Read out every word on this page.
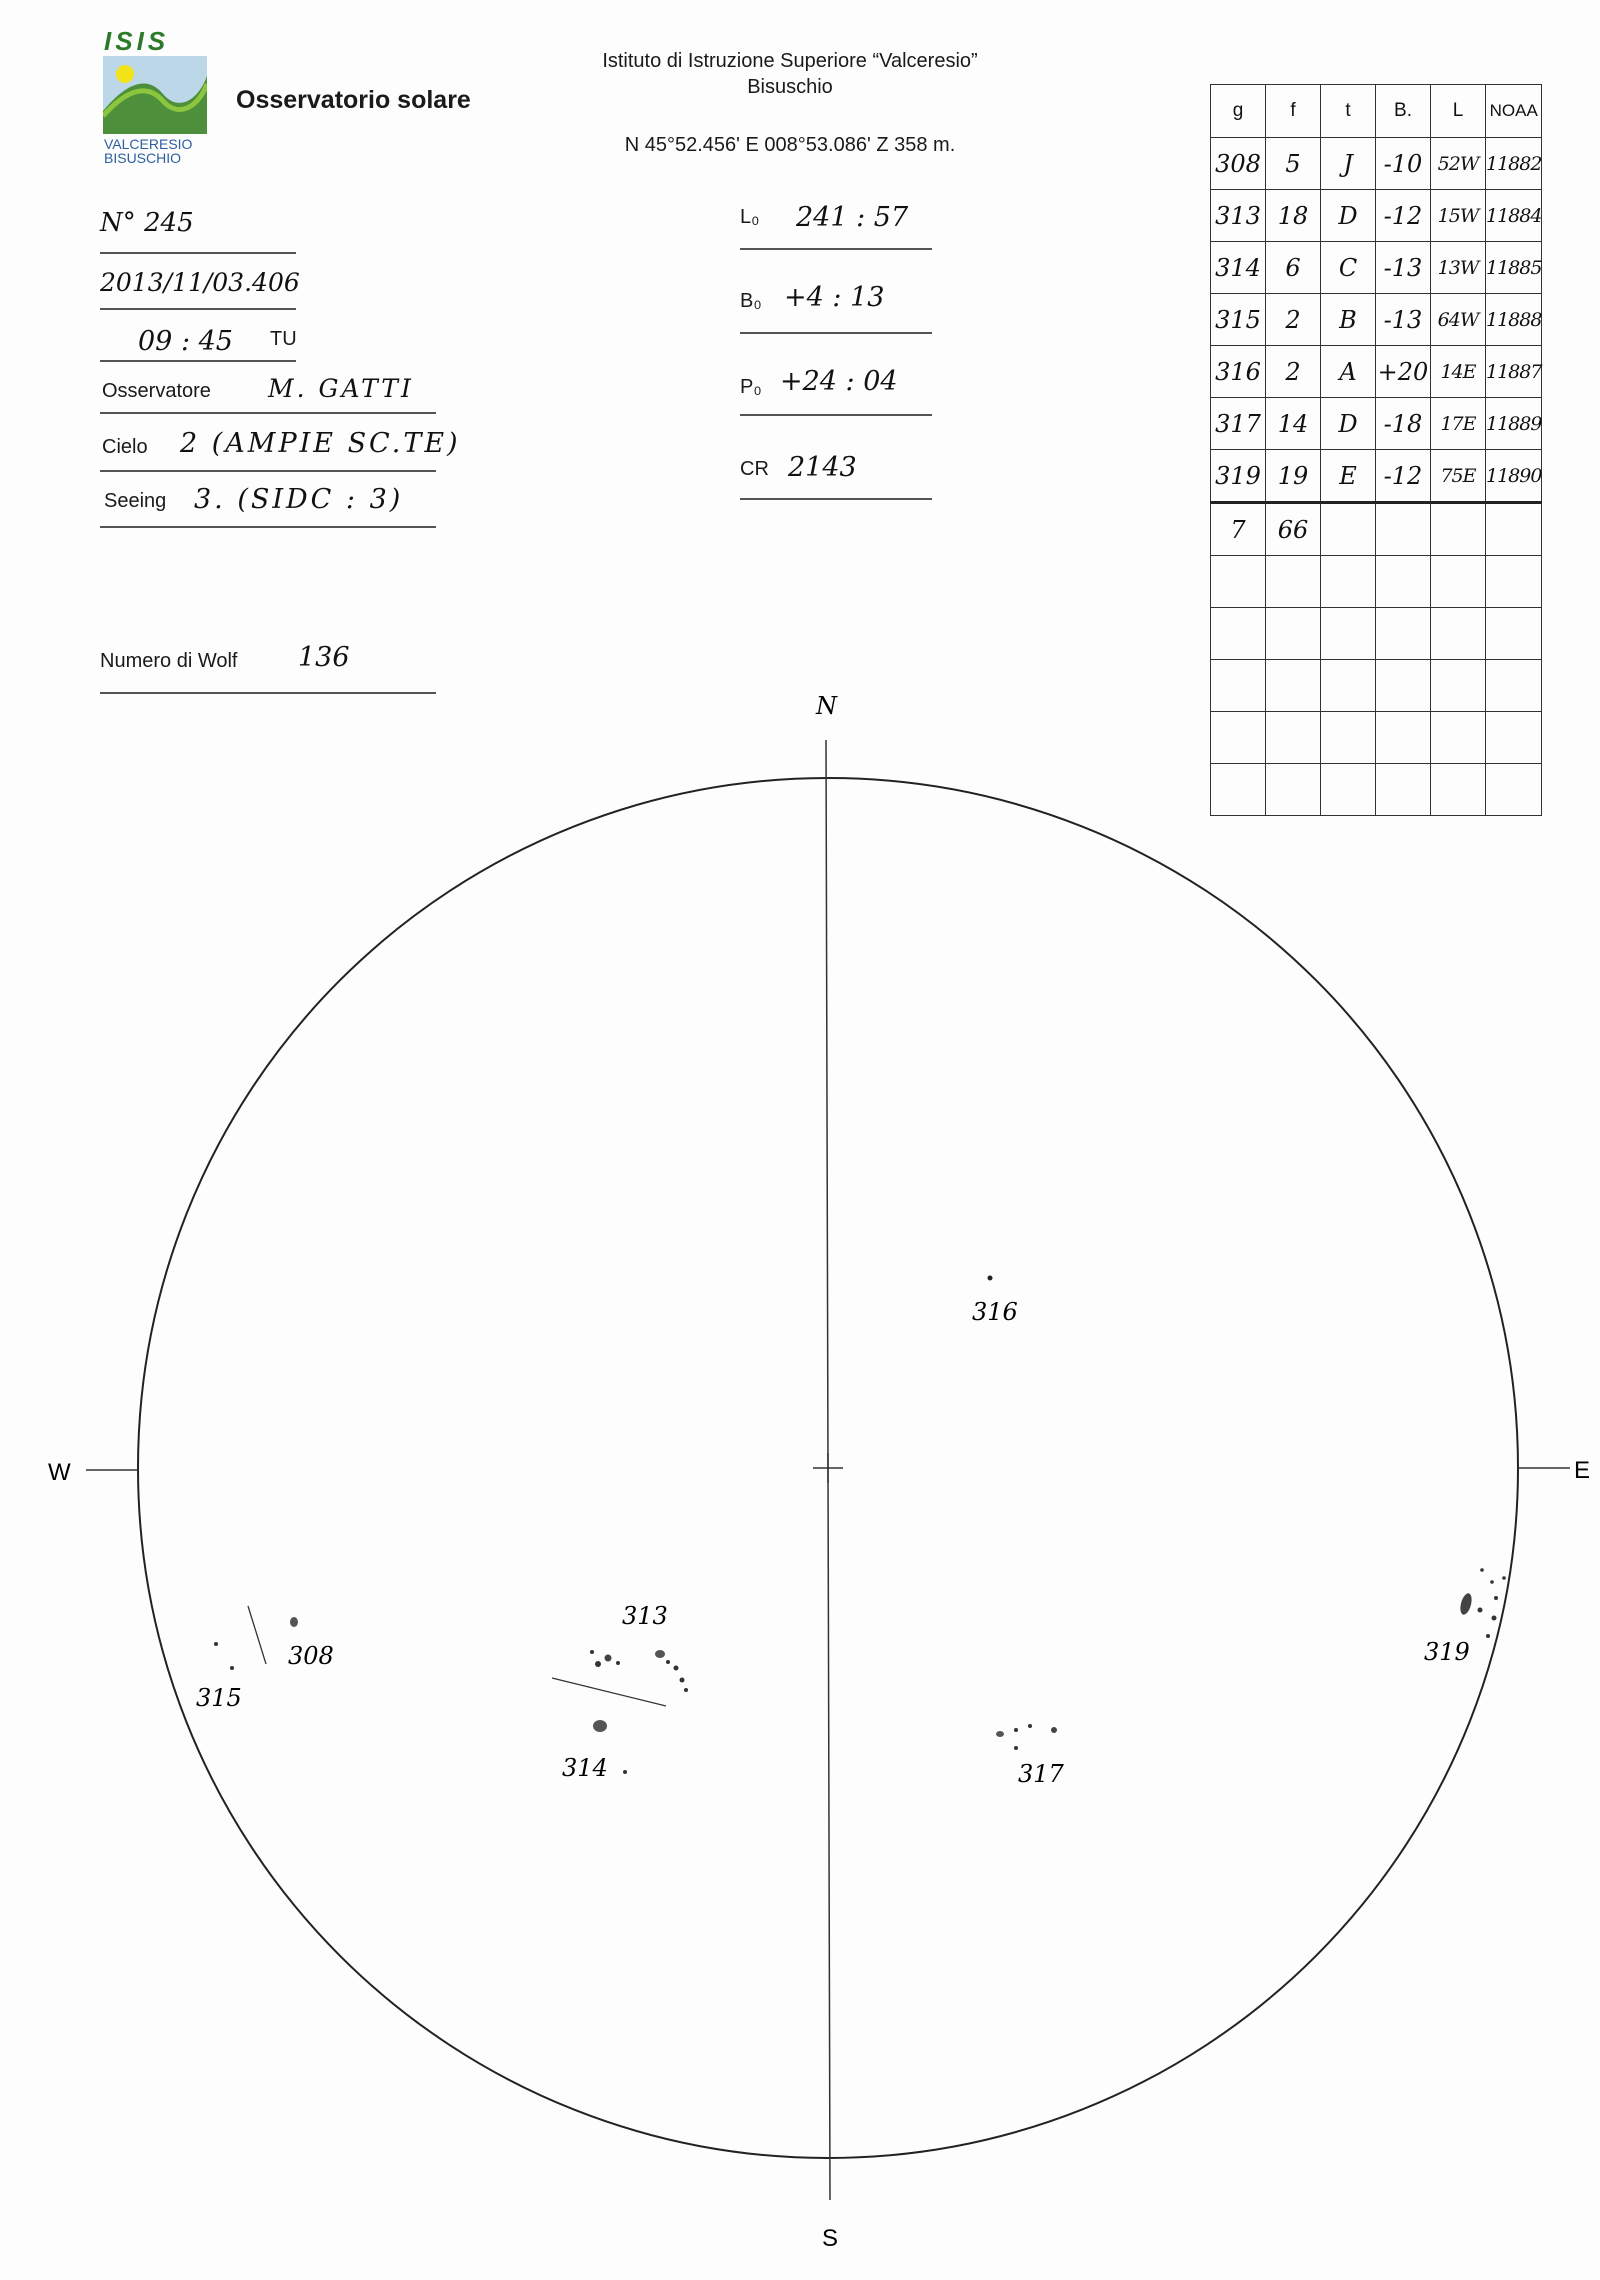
ISIS
VALCERESIO
BISUSCHIO
Osservatorio solare
Istituto di Istruzione Superiore “Valceresio”
Bisuschio
N 45°52.456' E 008°53.086' Z 358 m.
N° 245
2013/11/03.406
09 : 45 TU
Osservatore M. GATTI
Cielo 2 (AMPIE SC.TE)
Seeing 3. (SIDC : 3)
Numero di Wolf 136
L₀ 241 : 57
B₀ +4 : 13
P₀ +24 : 04
CR 2143
g	f	t	B.	L	NOAA
308	5	J	-10	52W	11882
313	18	D	-12	15W	11884
314	6	C	-13	13W	11885
315	2	B	-13	64W	11888
316	2	A	+20	14E	11887
317	14	D	-18	17E	11889
319	19	E	-12	75E	11890
7	66				

N
S
W	E
316
313
308
315
314	317
319
